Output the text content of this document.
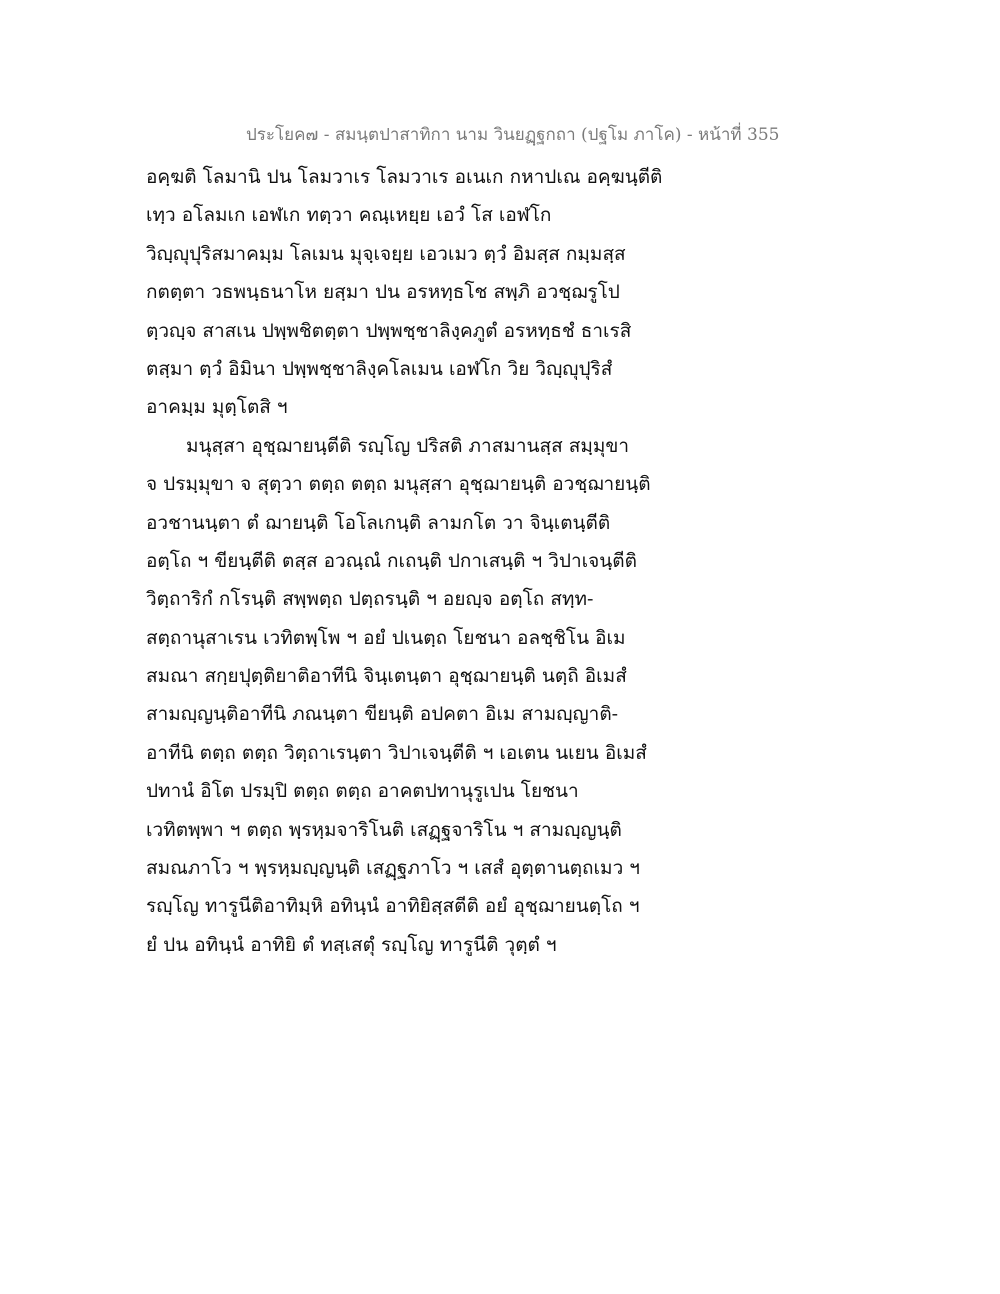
ประโยค๗ - สมนฺตปาสาทิกา นาม วินยฏฺฐกถา (ปฐโม ภาโค) - หน้าที่ 355
อคฺฆติ โลมานิ ปน โลมวาเร โลมวาเร อเนเก กหาปเณ อคฺฆนฺตีติ
เทฺว อโลมเก เอฬเก ทตฺวา คณฺเหยฺย เอวํ โส เอฬโก
วิญฺญุปุริสมาคมฺม โลเมน มุจฺเจยฺย เอวเมว ตฺวํ อิมสฺส กมฺมสฺส
กตตฺตา วธพนฺธนาโห ยสฺมา ปน อรหทฺธโช สพฺภิ อวชฺฌรูโป
ตฺวญฺจ สาสเน ปพฺพชิตตฺตา ปพฺพชฺชาลิงฺคภูตํ อรหทฺธชํ ธาเรสิ
ตสฺมา ตฺวํ อิมินา ปพฺพชฺชาลิงฺคโลเมน เอฬโก วิย วิญฺญุปุริสํ
อาคมฺม มุตฺโตสิ ฯ
มนุสฺสา อุชฺฌายนฺตีติ รญฺโญ ปริสติ ภาสมานสฺส สมฺมุขา
จ ปรมฺมุขา จ สุตฺวา ตตฺถ ตตฺถ มนุสฺสา อุชฺฌายนฺติ อวชฺฌายนฺติ
อวชานนฺตา ตํ ฌายนฺติ โอโลเกนฺติ ลามกโต วา จินฺเตนฺตีติ
อตฺโถ ฯ ขียนฺตีติ ตสฺส อวณฺณํ กเถนฺติ ปกาเสนฺติ ฯ วิปาเจนฺตีติ
วิตฺถาริกํ กโรนฺติ สพฺพตฺถ ปตฺถรนฺติ ฯ อยญฺจ อตฺโถ สทฺท-
สตฺถานุสาเรน เวทิตพฺโพ ฯ อยํ ปเนตฺถ โยชนา อลชฺชิโน อิเม
สมณา สกฺยปุตฺติยาติอาทีนิ จินฺเตนฺตา อุชฺฌายนฺติ นตฺถิ อิเมสํ
สามญฺญนฺติอาทีนิ ภณนฺตา ขียนฺติ อปคตา อิเม สามญฺญาติ-
อาทีนิ ตตฺถ ตตฺถ วิตฺถาเรนฺตา วิปาเจนฺตีติ ฯ เอเตน นเยน อิเมสํ
ปทานํ อิโต ปรมฺปิ ตตฺถ ตตฺถ อาคตปทานุรูเปน โยชนา
เวทิตพฺพา ฯ ตตฺถ พฺรหฺมจาริโนติ เสฏฺฐจาริโน ฯ สามญฺญนฺติ
สมณภาโว ฯ พฺรหฺมญฺญนฺติ เสฏฺฐภาโว ฯ เสสํ อุตฺตานตฺถเมว ฯ
รญฺโญ ทารูนีติอาทิมฺหิ อทินฺนํ อาทิยิสฺสตีติ อยํ อุชฺฌายนตฺโถ ฯ
ยํ ปน อทินฺนํ อาทิยิ ตํ ทสฺเสตุํ รญฺโญ ทารูนีติ วุตฺตํ ฯ
